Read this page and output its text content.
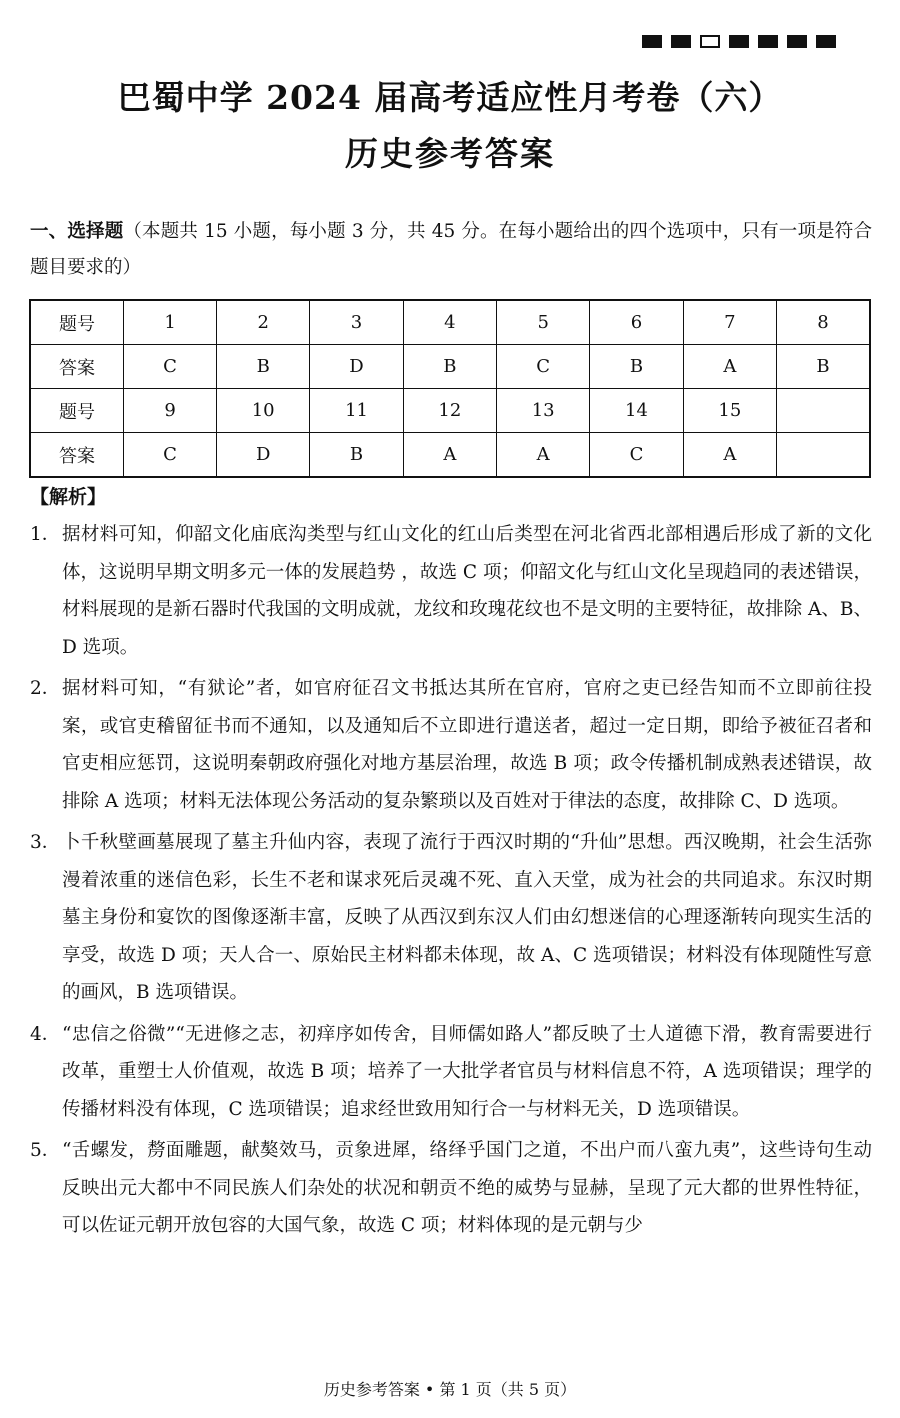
巴蜀中学 2024 届高考适应性月考卷（六）
历史参考答案
一、选择题（本题共 15 小题，每小题 3 分，共 45 分。在每小题给出的四个选项中，只有一项是符合题目要求的）
题号	1	2	3	4	5	6	7	8
答案	C	B	D	B	C	B	A	B
题号	9	10	11	12	13	14	15	
答案	C	D	B	A	A	C	A	
【解析】
1． 据材料可知，仰韶文化庙底沟类型与红山文化的红山后类型在河北省西北部相遇后形成了新的文化体，这说明早期文明多元一体的发展趋势 ，故选 C 项；仰韶文化与红山文化呈现趋同的表述错误，材料展现的是新石器时代我国的文明成就，龙纹和玫瑰花纹也不是文明的主要特征，故排除 A、B、D 选项。
2． 据材料可知，“有狱论”者，如官府征召文书抵达其所在官府，官府之吏已经告知而不立即前往投案，或官吏稽留征书而不通知，以及通知后不立即进行遣送者，超过一定日期，即给予被征召者和官吏相应惩罚，这说明秦朝政府强化对地方基层治理，故选 B 项；政令传播机制成熟表述错误，故排除 A 选项；材料无法体现公务活动的复杂繁琐以及百姓对于律法的态度，故排除 C、D 选项。
3． 卜千秋壁画墓展现了墓主升仙内容，表现了流行于西汉时期的“升仙”思想。西汉晚期，社会生活弥漫着浓重的迷信色彩，长生不老和谋求死后灵魂不死、直入天堂，成为社会的共同追求。东汉时期墓主身份和宴饮的图像逐渐丰富，反映了从西汉到东汉人们由幻想迷信的心理逐渐转向现实生活的享受，故选 D 项；天人合一、原始民主材料都未体现，故 A、C 选项错误；材料没有体现随性写意的画风，B 选项错误。
4． “忠信之俗微”“无进修之志，初痒序如传舍，目师儒如路人”都反映了士人道德下滑，教育需要进行改革，重塑士人价值观，故选 B 项；培养了一大批学者官员与材料信息不符，A 选项错误；理学的传播材料没有体现，C 选项错误；追求经世致用知行合一与材料无关，D 选项错误。
5． “舌螺发，剺面雕题，献獒效马，贡象进犀，络绎乎国门之道，不出户而八蛮九夷”，这些诗句生动反映出元大都中不同民族人们杂处的状况和朝贡不绝的威势与显赫，呈现了元大都的世界性特征，可以佐证元朝开放包容的大国气象，故选 C 项；材料体现的是元朝与少
历史参考答案 • 第 1 页（共 5 页）
